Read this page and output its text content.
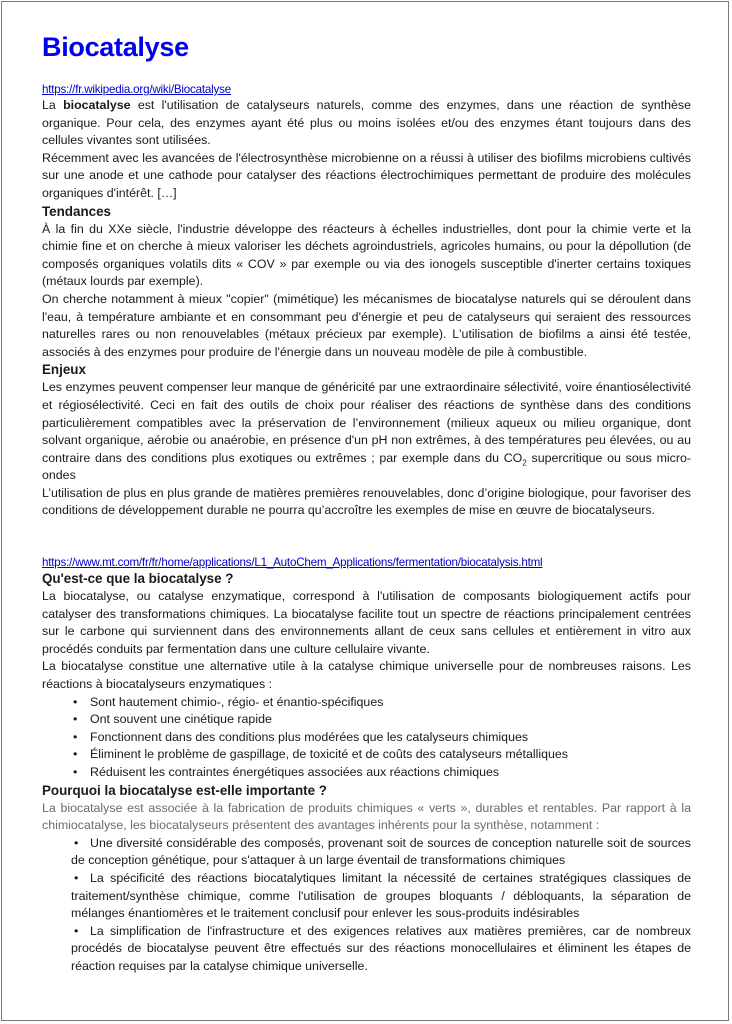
Biocatalyse
https://fr.wikipedia.org/wiki/Biocatalyse

La biocatalyse est l'utilisation de catalyseurs naturels, comme des enzymes, dans une réaction de synthèse organique. Pour cela, des enzymes ayant été plus ou moins isolées et/ou des enzymes étant toujours dans des cellules vivantes sont utilisées.

Récemment avec les avancées de l'électrosynthèse microbienne on a réussi à utiliser des biofilms microbiens cultivés sur une anode et une cathode pour catalyser des réactions électrochimiques permettant de produire des molécules organiques d'intérêt. […]

Tendances

À la fin du XXe siècle, l'industrie développe des réacteurs à échelles industrielles, dont pour la chimie verte et la chimie fine et on cherche à mieux valoriser les déchets agroindustriels, agricoles humains, ou pour la dépollution (de composés organiques volatils dits « COV » par exemple ou via des ionogels susceptible d'inerter certains toxiques (métaux lourds par exemple).

On cherche notamment à mieux "copier" (mimétique) les mécanismes de biocatalyse naturels qui se déroulent dans l'eau, à température ambiante et en consommant peu d'énergie et peu de catalyseurs qui seraient des ressources naturelles rares ou non renouvelables (métaux précieux par exemple). L'utilisation de biofilms a ainsi été testée, associés à des enzymes pour produire de l'énergie dans un nouveau modèle de pile à combustible.

Enjeux

Les enzymes peuvent compenser leur manque de généricité par une extraordinaire sélectivité, voire énantiosélectivité et régiosélectivité. Ceci en fait des outils de choix pour réaliser des réactions de synthèse dans des conditions particulièrement compatibles avec la préservation de l’environnement (milieux aqueux ou milieu organique, dont solvant organique, aérobie ou anaérobie, en présence d'un pH non extrêmes, à des températures peu élevées, ou au contraire dans des conditions plus exotiques ou extrêmes ; par exemple dans du $CO_2$ supercritique ou sous micro-ondes

L’utilisation de plus en plus grande de matières premières renouvelables, donc d’origine biologique, pour favoriser des conditions de développement durable ne pourra qu’accroître les exemples de mise en œuvre de biocatalyseurs.

https://www.mt.com/fr/fr/home/applications/L1_AutoChem_Applications/fermentation/biocatalysis.html
Qu'est-ce que la biocatalyse ?

La biocatalyse, ou catalyse enzymatique, correspond à l'utilisation de composants biologiquement actifs pour catalyser des transformations chimiques. La biocatalyse facilite tout un spectre de réactions principalement centrées sur le carbone qui surviennent dans des environnements allant de ceux sans cellules et entièrement in vitro aux procédés conduits par fermentation dans une culture cellulaire vivante.

La biocatalyse constitue une alternative utile à la catalyse chimique universelle pour de nombreuses raisons. Les réactions à biocatalyseurs enzymatiques :

• Sont hautement chimio-, régio- et énantio-spécifiques
• Ont souvent une cinétique rapide
• Fonctionnent dans des conditions plus modérées que les catalyseurs chimiques
• Éliminent le problème de gaspillage, de toxicité et de coûts des catalyseurs métalliques
• Réduisent les contraintes énergétiques associées aux réactions chimiques
Pourquoi la biocatalyse est-elle importante ?

La biocatalyse est associée à la fabrication de produits chimiques « verts », durables et rentables. Par rapport à la chimiocatalyse, les biocatalyseurs présentent des avantages inhérents pour la synthèse, notamment :

• Une diversité considérable des composés, provenant soit de sources de conception naturelle soit de sources de conception génétique, pour s'attaquer à un large éventail de transformations chimiques
• La spécificité des réactions biocatalytiques limitant la nécessité de certaines stratégiques classiques de traitement/synthèse chimique, comme l'utilisation de groupes bloquants / débloquants, la séparation de mélanges énantiomères et le traitement conclusif pour enlever les sous-produits indésirables
• La simplification de l'infrastructure et des exigences relatives aux matières premières, car de nombreux procédés de biocatalyse peuvent être effectués sur des réactions monocellulaires et éliminent les étapes de réaction requises par la catalyse chimique universelle.
